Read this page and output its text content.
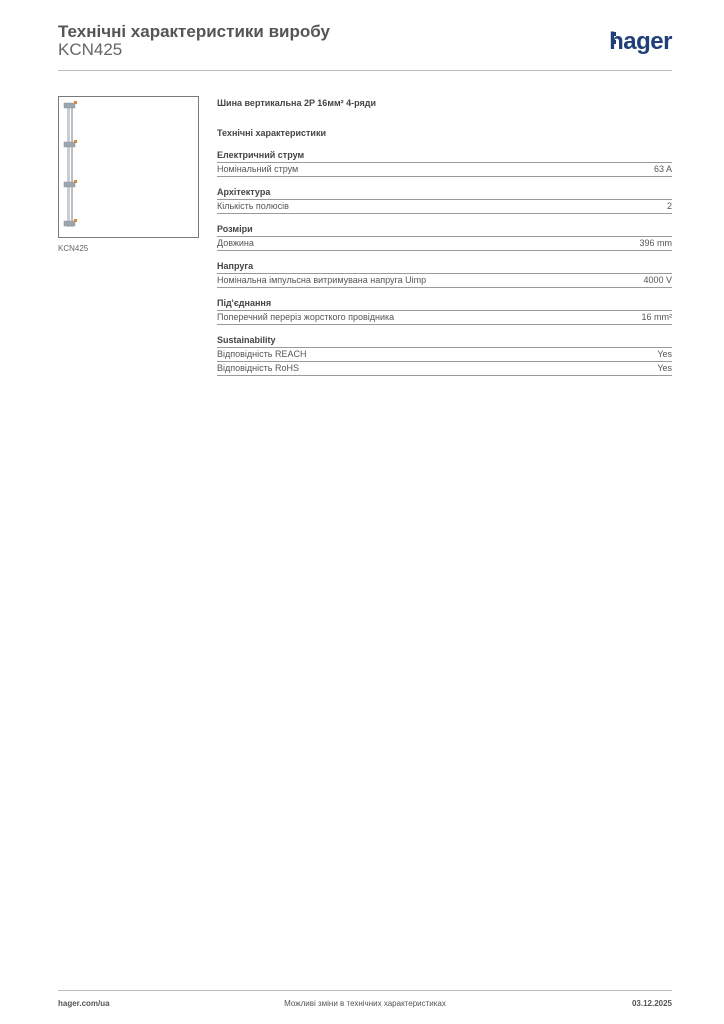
Технічні характеристики виробу
KCN425	hager
KCN425
Шина вертикальна 2P 16мм² 4-ряди
Технічні характеристики
Електричний струм
Номінальний струм	63 A
Архітектура
Кількість полюсів	2
Розміри
Довжина	396 mm
Напруга
Номінальна імпульсна витримувана напруга Uimp	4000 V
Під'єднання
Поперечний переріз жорсткого провідника	16 mm²
Sustainability
Відповідність REACH	Yes
Відповідність RoHS	Yes
hager.com/ua	Можливі зміни в технічних характеристиках	03.12.2025
